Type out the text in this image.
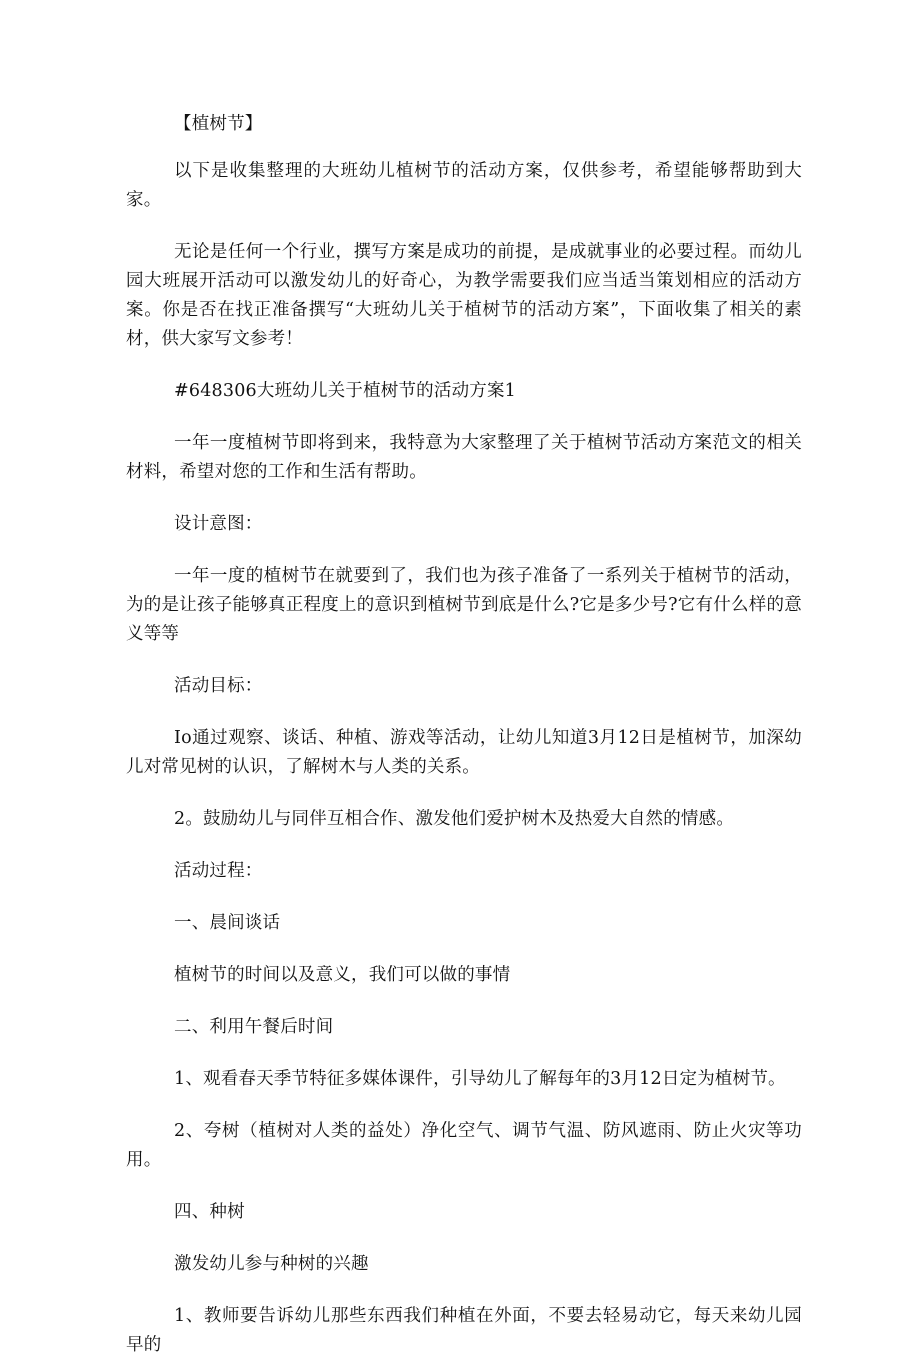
【植树节】

以下是收集整理的大班幼儿植树节的活动方案，仅供参考，希望能够帮助到大家。

无论是任何一个行业，撰写方案是成功的前提，是成就事业的必要过程。而幼儿园大班展开活动可以激发幼儿的好奇心，为教学需要我们应当适当策划相应的活动方案。你是否在找正准备撰写“大班幼儿关于植树节的活动方案”，下面收集了相关的素材，供大家写文参考！

#648306大班幼儿关于植树节的活动方案1

一年一度植树节即将到来，我特意为大家整理了关于植树节活动方案范文的相关材料，希望对您的工作和生活有帮助。

设计意图：

一年一度的植树节在就要到了，我们也为孩子准备了一系列关于植树节的活动，为的是让孩子能够真正程度上的意识到植树节到底是什么?它是多少号?它有什么样的意义等等

活动目标：

Io通过观察、谈话、种植、游戏等活动，让幼儿知道3月12日是植树节，加深幼儿对常见树的认识，了解树木与人类的关系。

2。鼓励幼儿与同伴互相合作、激发他们爱护树木及热爱大自然的情感。

活动过程：

一、晨间谈话

植树节的时间以及意义，我们可以做的事情

二、利用午餐后时间

1、观看春天季节特征多媒体课件，引导幼儿了解每年的3月12日定为植树节。

2、夸树（植树对人类的益处）净化空气、调节气温、防风遮雨、防止火灾等功用。

四、种树

激发幼儿参与种树的兴趣

1、教师要告诉幼儿那些东西我们种植在外面，不要去轻易动它，每天来幼儿园早的
